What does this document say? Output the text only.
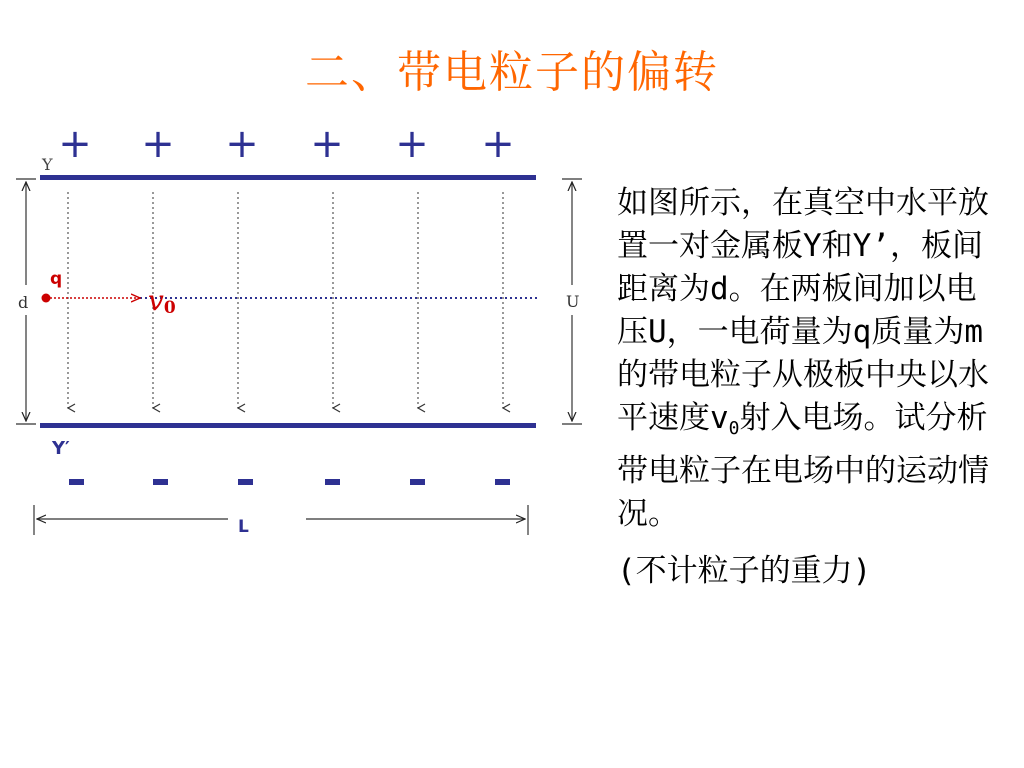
二、带电粒子的偏转
+ + + + + +
Y
q
v0
d	U
Y′
L

如图所示，在真空中水平放置一对金属板Y和Y’，板间距离为d。在两板间加以电压U，一电荷量为q质量为m的带电粒子从极板中央以水平速度$v_0$射入电场。试分析带电粒子在电场中的运动情况。

(不计粒子的重力)
